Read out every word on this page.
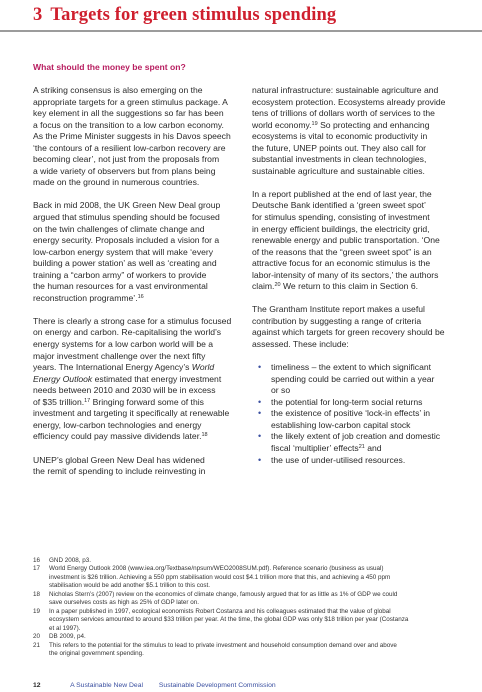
3 Targets for green stimulus spending
What should the money be spent on?

A striking consensus is also emerging on the
appropriate targets for a green stimulus package. A
key element in all the suggestions so far has been
a focus on the transition to a low carbon economy.
As the Prime Minister suggests in his Davos speech
‘the contours of a resilient low-carbon recovery are
becoming clear’, not just from the proposals from
a wide variety of observers but from plans being
made on the ground in numerous countries.

Back in mid 2008, the UK Green New Deal group
argued that stimulus spending should be focused
on the twin challenges of climate change and
energy security. Proposals included a vision for a
low-carbon energy system that will make ‘every
building a power station’ as well as ‘creating and
training a “carbon army” of workers to provide
the human resources for a vast environmental
reconstruction programme’.$^{16}$

There is clearly a strong case for a stimulus focused
on energy and carbon. Re-capitalising the world’s
energy systems for a low carbon world will be a
major investment challenge over the next fifty
years. The International Energy Agency’s World
Energy Outlook estimated that energy investment
needs between 2010 and 2030 will be in excess
of $35 trillion.$^{17}$ Bringing forward some of this
investment and targeting it specifically at renewable
energy, low-carbon technologies and energy
efficiency could pay massive dividends later.$^{18}$

UNEP’s global Green New Deal has widened
the remit of spending to include reinvesting in

natural infrastructure: sustainable agriculture and
ecosystem protection. Ecosystems already provide
tens of trillions of dollars worth of services to the
world economy.$^{19}$ So protecting and enhancing
ecosystems is vital to economic productivity in
the future, UNEP points out. They also call for
substantial investments in clean technologies,
sustainable agriculture and sustainable cities.

In a report published at the end of last year, the
Deutsche Bank identified a ‘green sweet spot’
for stimulus spending, consisting of investment
in energy efficient buildings, the electricity grid,
renewable energy and public transportation. ‘One
of the reasons that the “green sweet spot” is an
attractive focus for an economic stimulus is the
labor-intensity of many of its sectors,’ the authors
claim.$^{20}$ We return to this claim in Section 6.

The Grantham Institute report makes a useful
contribution by suggesting a range of criteria
against which targets for green recovery should be
assessed. These include:

• timeliness – the extent to which significant
spending could be carried out within a year
or so
• the potential for long-term social returns
• the existence of positive ‘lock-in effects’ in
establishing low-carbon capital stock
• the likely extent of job creation and domestic
fiscal ‘multiplier’ effects$^{21}$ and
• the use of under-utilised resources.
16	GND 2008, p3.
17	World Energy Outlook 2008 (www.iea.org/Textbase/npsum/WEO2008SUM.pdf). Reference scenario (business as usual)
investment is $26 trillion. Achieving a 550 ppm stabilisation would cost $4.1 trillion more that this, and achieving a 450 ppm
stabilisation would be add another $5.1 trillion to this cost.
18	Nicholas Stern’s (2007) review on the economics of climate change, famously argued that for as little as 1% of GDP we could
save ourselves costs as high as 25% of GDP later on.
19	In a paper published in 1997, ecological economists Robert Costanza and his colleagues estimated that the value of global
ecosystem services amounted to around $33 trillion per year. At the time, the global GDP was only $18 trillion per year (Costanza
et al 1997).
20	DB 2009, p4.
21	This refers to the potential for the stimulus to lead to private investment and household consumption demand over and above
the original government spending.
12	A Sustainable New Deal Sustainable Development Commission
